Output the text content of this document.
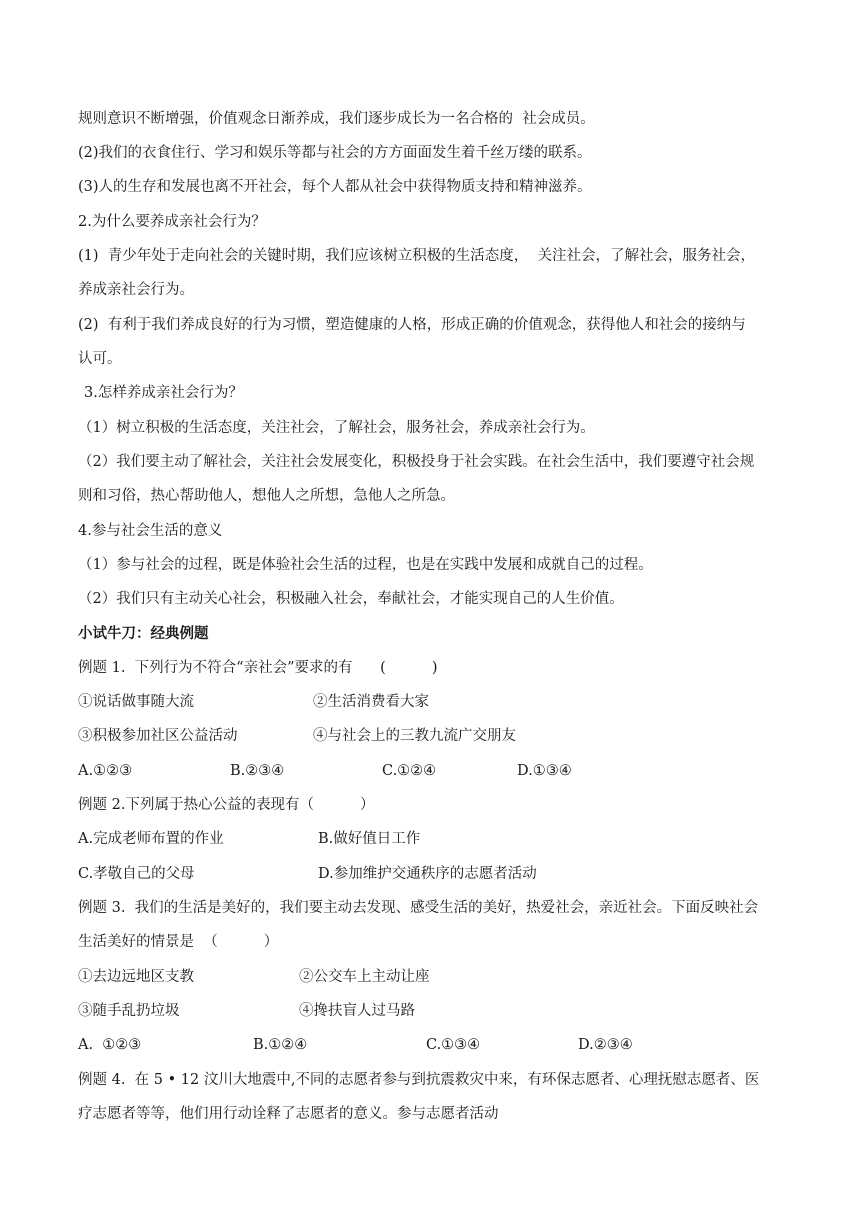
规则意识不断增强，价值观念日渐养成，我们逐步成长为一名合格的  社会成员。
(2)我们的衣食住行、学习和娱乐等都与社会的方方面面发生着千丝万缕的联系。
(3)人的生存和发展也离不开社会，每个人都从社会中获得物质支持和精神滋养。
2.为什么要养成亲社会行为？
(1)  青少年处于走向社会的关键时期，我们应该树立积极的生活态度，  关注社会，了解社会，服务社会，
养成亲社会行为。
(2)  有利于我们养成良好的行为习惯，塑造健康的人格，形成正确的价值观念，获得他人和社会的接纳与
认可。
3.怎样养成亲社会行为？
（1）树立积极的生活态度，关注社会，了解社会，服务社会，养成亲社会行为。
（2）我们要主动了解社会，关注社会发展变化，积极投身于社会实践。在社会生活中，我们要遵守社会规
则和习俗，热心帮助他人，想他人之所想，急他人之所急。
4.参与社会生活的意义
（1）参与社会的过程，既是体验社会生活的过程，也是在实践中发展和成就自己的过程。
（2）我们只有主动关心社会，积极融入社会，奉献社会，才能实现自己的人生价值。
小试牛刀：经典例题
例题 1.  下列行为不符合“亲社会”要求的有      (          )
①说话做事随大流	②生活消费看大家
③积极参加社区公益活动	④与社会上的三教九流广交朋友
A.①②③	B.②③④	C.①②④	D.①③④
例题 2.下列属于热心公益的表现有（          ）
A.完成老师布置的作业	B.做好值日工作
C.孝敬自己的父母	D.参加维护交通秩序的志愿者活动
例题 3.  我们的生活是美好的，我们要主动去发现、感受生活的美好，热爱社会，亲近社会。下面反映社会
生活美好的情景是  （          ）
①去边远地区支教	②公交车上主动让座
③随手乱扔垃圾	④搀扶盲人过马路
A.  ①②③	B.①②④	C.①③④	D.②③④
例题 4.  在 5 • 12 汶川大地震中,不同的志愿者参与到抗震救灾中来，有环保志愿者、心理抚慰志愿者、医
疗志愿者等等，他们用行动诠释了志愿者的意义。参与志愿者活动
